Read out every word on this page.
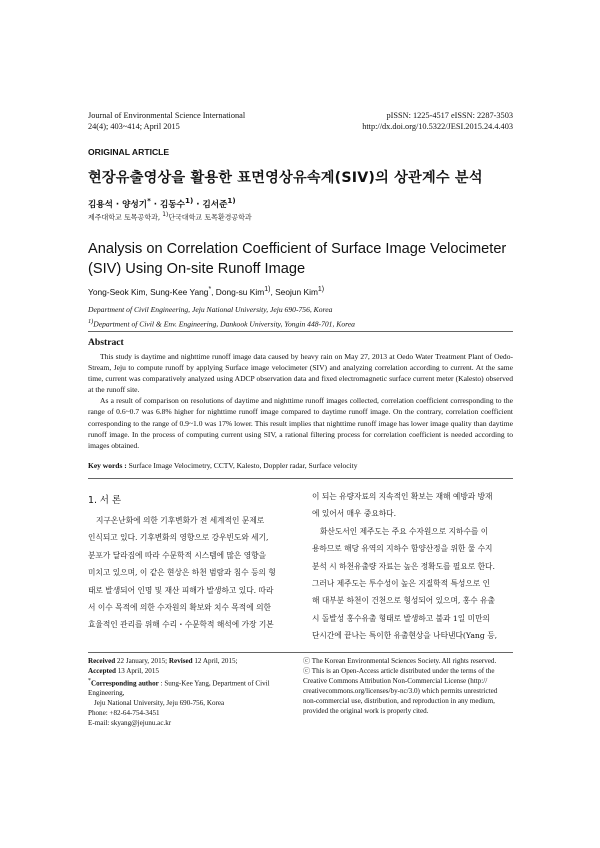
Journal of Environmental Science International
24(4); 403~414; April 2015
pISSN: 1225-4517 eISSN: 2287-3503
http://dx.doi.org/10.5322/JESI.2015.24.4.403
ORIGINAL ARTICLE
현장유출영상을 활용한 표면영상유속계(SIV)의 상관계수 분석
김용석 · 양성기* · 김동수$^{1)}$ · 김서준$^{1)}$
제주대학교 토목공학과, $^{1)}$단국대학교 토목환경공학과
Analysis on Correlation Coefficient of Surface Image Velocimeter
(SIV) Using On-site Runoff Image
Yong-Seok Kim, Sung-Kee Yang*, Dong-su Kim$^{1)}$, Seojun Kim$^{1)}$
Department of Civil Engineering, Jeju National University, Jeju 690-756, Korea
$^{1)}$Department of Civil & Env. Engineering, Dankook University, Yongin 448-701, Korea
Abstract

This study is daytime and nighttime runoff image data caused by heavy rain on May 27, 2013 at Oedo Water Treatment Plant of Oedo-Stream, Jeju to compute runoff by applying Surface image velocimeter (SIV) and analyzing correlation according to current. At the same time, current was comparatively analyzed using ADCP observation data and fixed electromagnetic surface current meter (Kalesto) observed at the runoff site.

As a result of comparison on resolutions of daytime and nighttime runoff images collected, correlation coefficient corresponding to the range of 0.6~0.7 was 6.8% higher for nighttime runoff image compared to daytime runoff image. On the contrary, correlation coefficient corresponding to the range of 0.9~1.0 was 17% lower. This result implies that nighttime runoff image has lower image quality than daytime runoff image. In the process of computing current using SIV, a rational filtering process for correlation coefficient is needed according to images obtained.

Key words : Surface Image Velocimetry, CCTV, Kalesto, Doppler radar, Surface velocity
1. 서 론
지구온난화에 의한 기후변화가 전 세계적인 문제로
인식되고 있다. 기후변화의 영향으로 강우빈도와 세기,
분포가 달라짐에 따라 수문학적 시스템에 많은 영향을
미치고 있으며, 이 같은 현상은 하천 범람과 침수 등의 형
태로 발생되어 인명 및 재산 피해가 발생하고 있다. 따라
서 이수 목적에 의한 수자원의 확보와 치수 목적에 의한
효율적인 관리를 위해 수리・수문학적 해석에 가장 기본
이 되는 유량자료의 지속적인 확보는 재해 예방과 방재
에 있어서 매우 중요하다.
화산도서인 제주도는 주요 수자원으로 지하수를 이
용하므로 해당 유역의 지하수 함양산정을 위한 물 수지
분석 시 하천유출량 자료는 높은 정확도를 필요로 한다.
그러나 제주도는 투수성이 높은 지질학적 특성으로 인
해 대부분 하천이 건천으로 형성되어 있으며, 홍수 유출
시 돌발성 홍수유출 형태로 발생하고 불과 1일 미만의
단시간에 끝나는 특이한 유출현상을 나타낸다(Yang 등,
Received 22 January, 2015; Revised 12 April, 2015;
Accepted 13 April, 2015
*Corresponding author : Sung-Kee Yang, Department of Civil Engineering,
Jeju National University, Jeju 690-756, Korea
Phone: +82-64-754-3451
E-mail: skyang@jejunu.ac.kr
ⓒ The Korean Environmental Sciences Society. All rights reserved.
ⓒ This is an Open-Access article distributed under the terms of the
Creative Commons Attribution Non-Commercial License (http://
creativecommons.org/licenses/by-nc/3.0) which permits unrestricted
non-commercial use, distribution, and reproduction in any medium,
provided the original work is properly cited.
